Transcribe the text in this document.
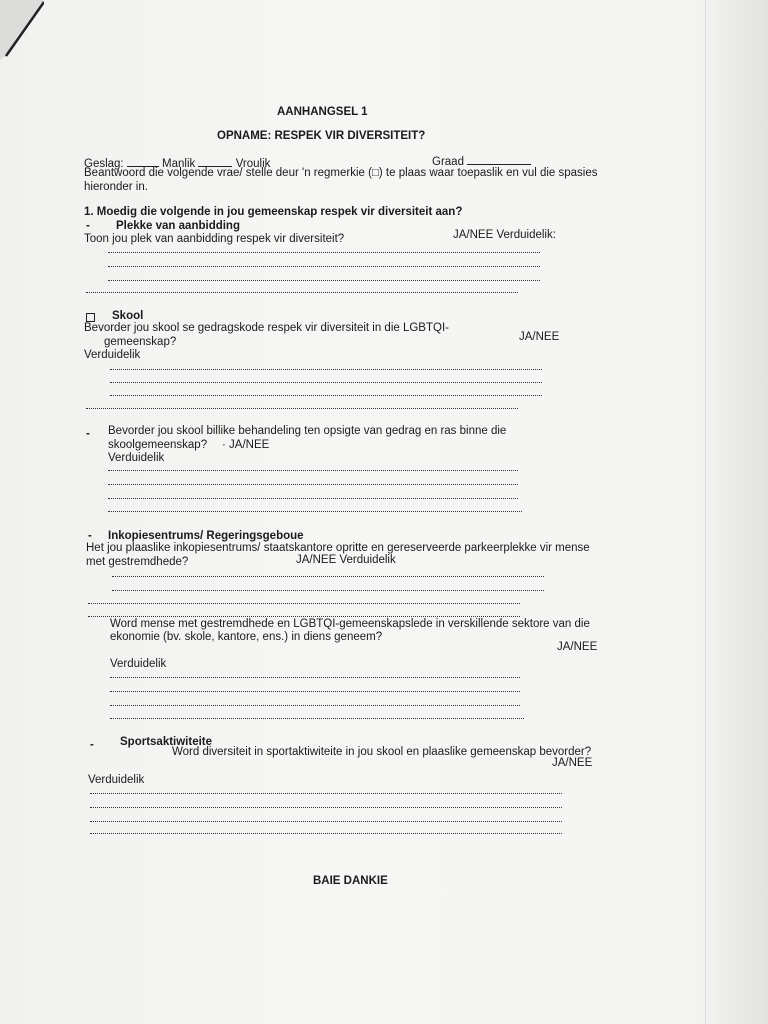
AANHANGSEL 1
OPNAME: RESPEK VIR DIVERSITEIT?
Geslag:	Manlik	Vroulik	Graad
Beantwoord die volgende vrae/ stelle deur 'n regmerkie (□) te plaas waar toepaslik en vul die spasies
hieronder in.
1. Moedig die volgende in jou gemeenskap respek vir diversiteit aan?
- Plekke van aanbidding
Toon jou plek van aanbidding respek vir diversiteit?	JA/NEE Verduidelik:
Skool
Bevorder jou skool se gedragskode respek vir diversiteit in die LGBTQI-
gemeenskap?	JA/NEE
Verduidelik
- Bevorder jou skool billike behandeling ten opsigte van gedrag en ras binne die
skoolgemeenskap? · JA/NEE
Verduidelik
- Inkopiesentrums/ Regeringsgeboue
Het jou plaaslike inkopiesentrums/ staatskantore opritte en gereserveerde parkeerplekke vir mense
met gestremdhede?	JA/NEE Verduidelik
Word mense met gestremdhede en LGBTQI-gemeenskapslede in verskillende sektore van die
ekonomie (bv. skole, kantore, ens.) in diens geneem?
JA/NEE
Verduidelik
- Sportsaktiwiteite
Word diversiteit in sportaktiwiteite in jou skool en plaaslike gemeenskap bevorder?
JA/NEE
Verduidelik
BAIE DANKIE
